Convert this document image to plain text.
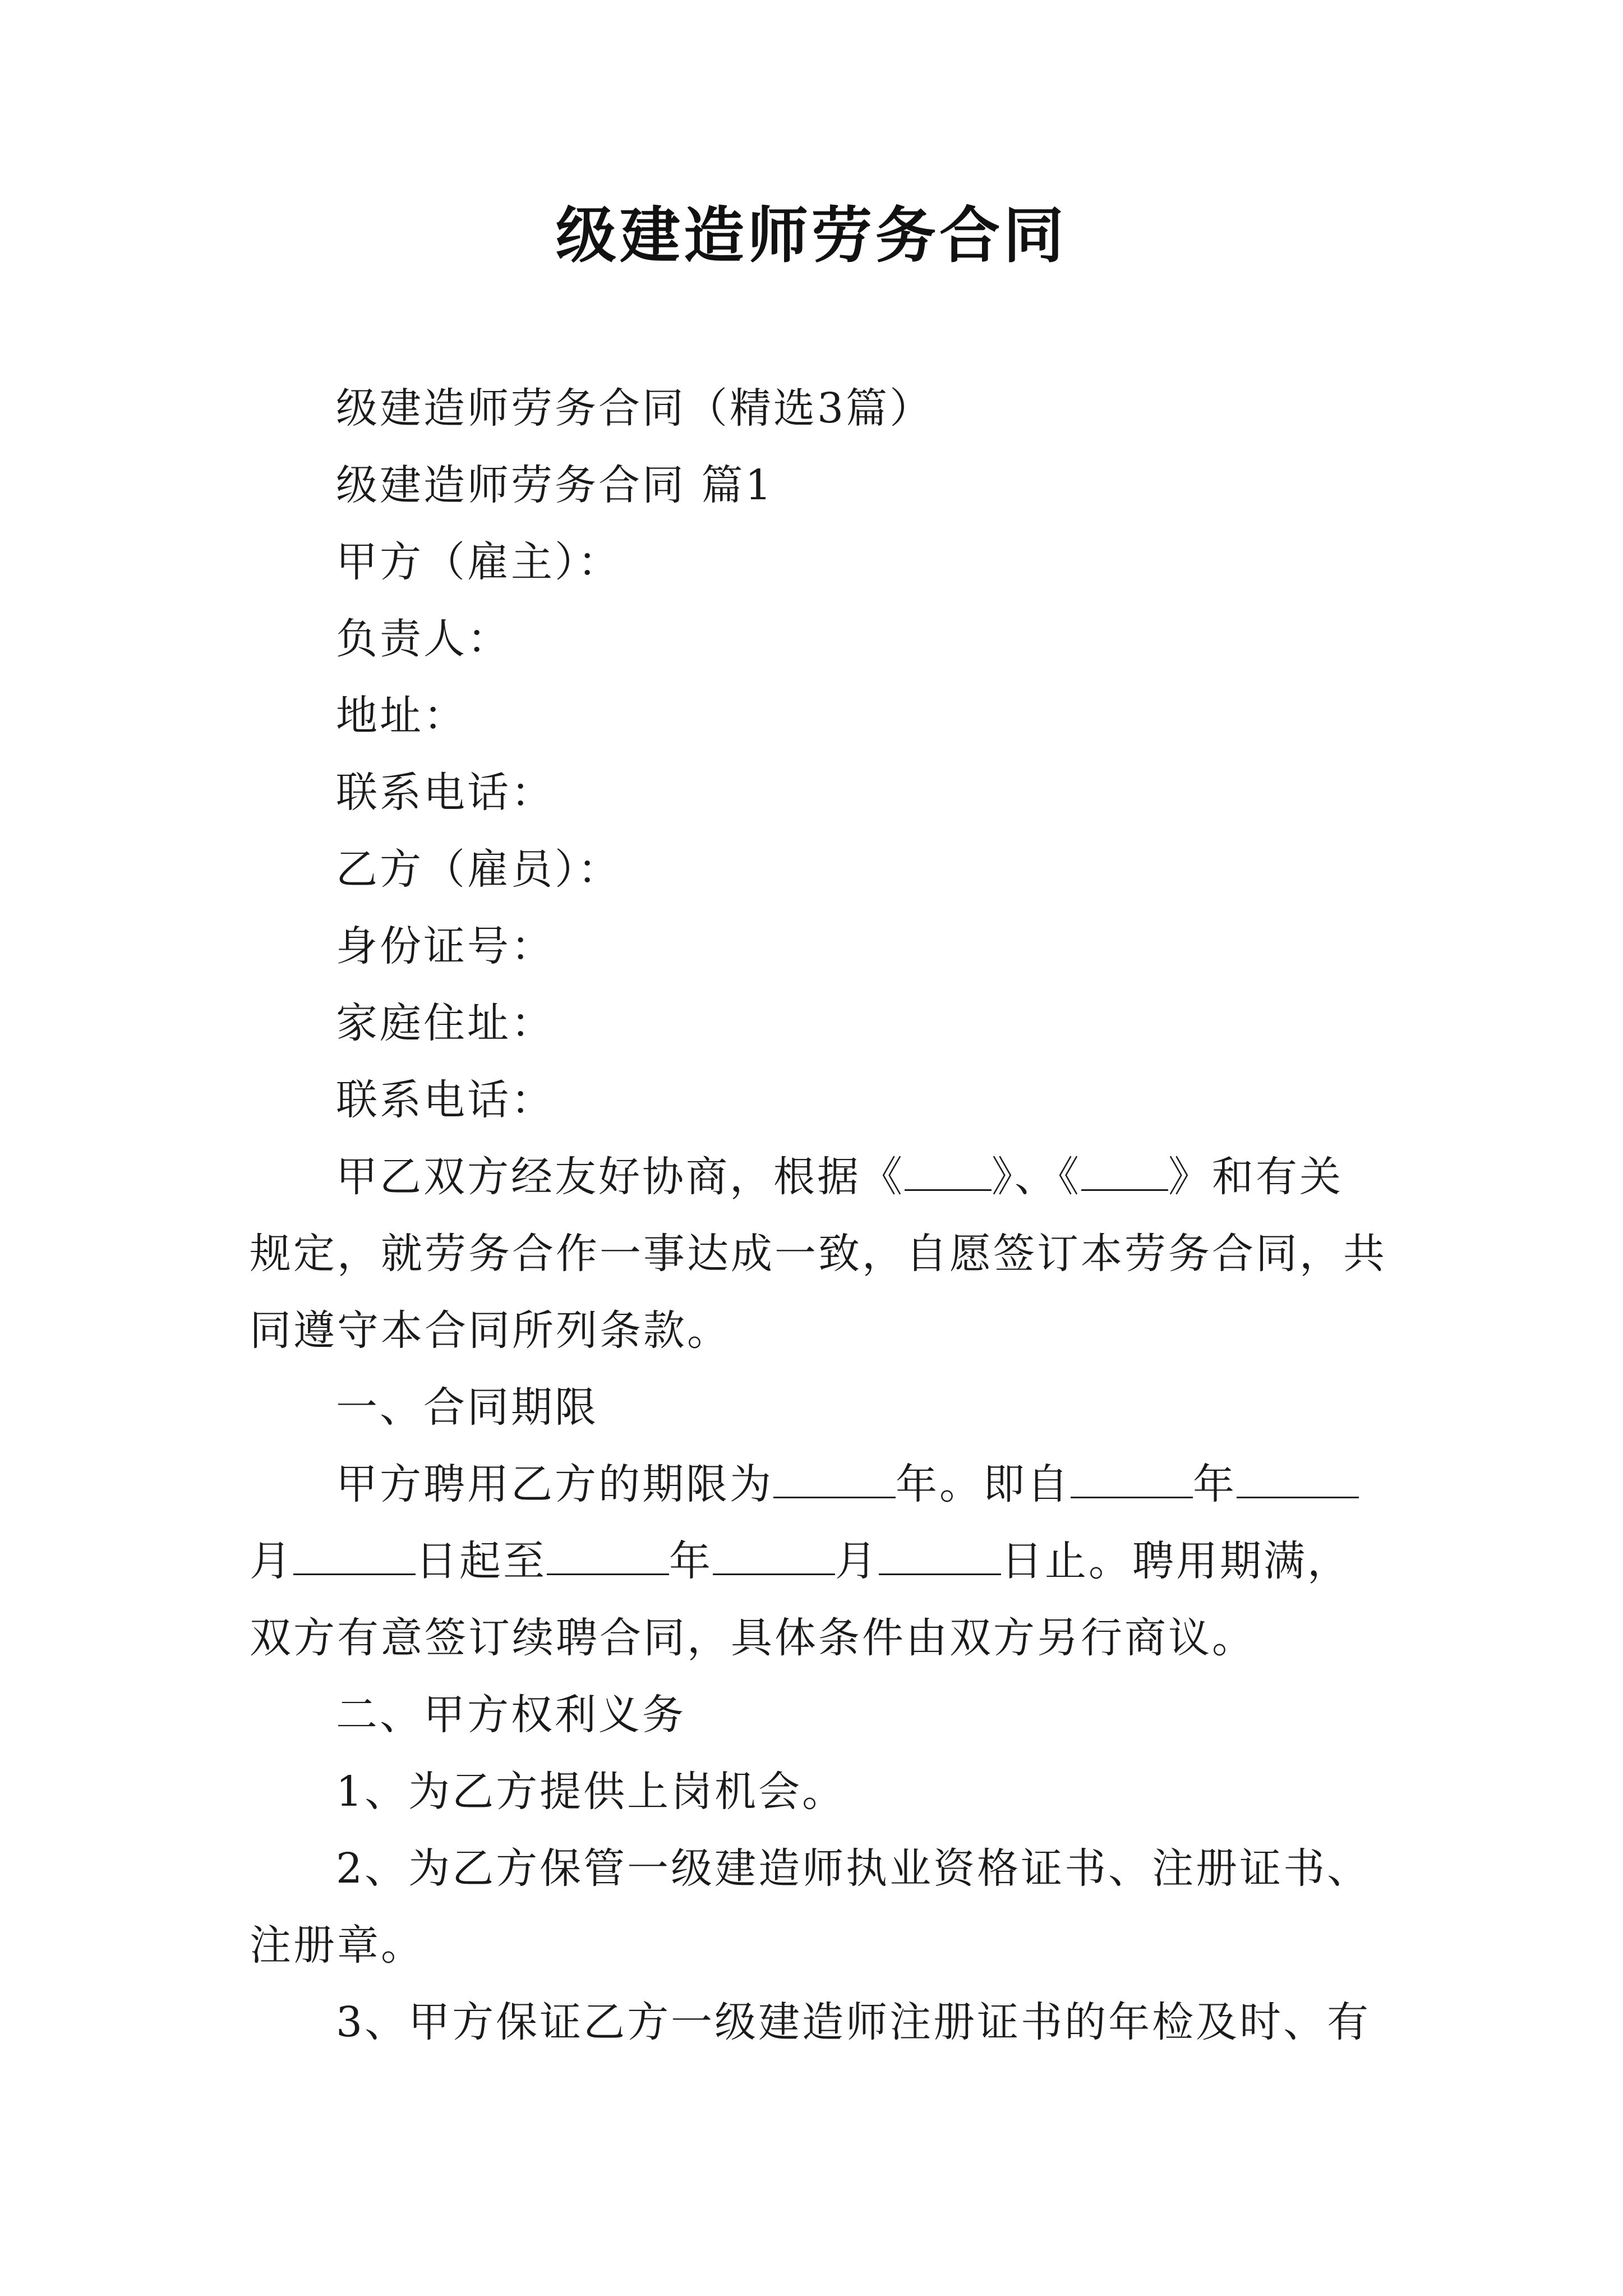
级建造师劳务合同
级建造师劳务合同（精选3篇）
级建造师劳务合同 篇1
甲方（雇主）：
负责人：
地址：
联系电话：
乙方（雇员）：
身份证号：
家庭住址：
联系电话：
甲乙双方经友好协商，根据《 》、《 》和有关
规定，就劳务合作一事达成一致，自愿签订本劳务合同，共
同遵守本合同所列条款。
一、合同期限
甲方聘用乙方的期限为	年。即自	年
月	日起至	年	月	日止。聘用期满，
双方有意签订续聘合同，具体条件由双方另行商议。
二、甲方权利义务
1、为乙方提供上岗机会。
2、为乙方保管一级建造师执业资格证书、注册证书、
注册章。
3、甲方保证乙方一级建造师注册证书的年检及时、有
